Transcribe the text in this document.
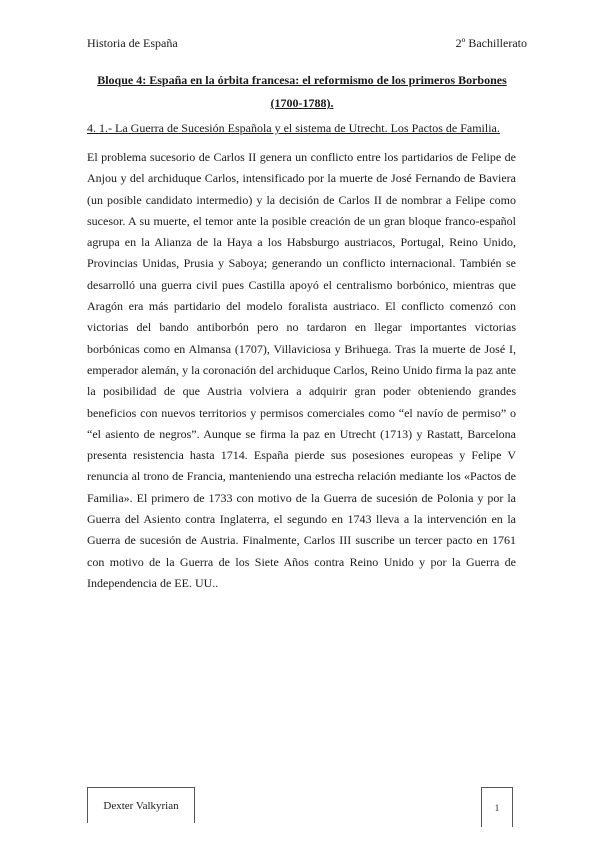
Historia de España	2º Bachillerato
Bloque 4: España en la órbita francesa: el reformismo de los primeros Borbones
(1700-1788).
4. 1.- La Guerra de Sucesión Española y el sistema de Utrecht. Los Pactos de Familia.

El problema sucesorio de Carlos II genera un conflicto entre los partidarios de Felipe de Anjou y del archiduque Carlos, intensificado por la muerte de José Fernando de Baviera (un posible candidato intermedio) y la decisión de Carlos II de nombrar a Felipe como sucesor. A su muerte, el temor ante la posible creación de un gran bloque franco-español agrupa en la Alianza de la Haya a los Habsburgo austriacos, Portugal, Reino Unido, Provincias Unidas, Prusia y Saboya; generando un conflicto internacional. También se desarrolló una guerra civil pues Castilla apoyó el centralismo borbónico, mientras que Aragón era más partidario del modelo foralista austriaco. El conflicto comenzó con victorias del bando antiborbón pero no tardaron en llegar importantes victorias borbónicas como en Almansa (1707), Villaviciosa y Brihuega. Tras la muerte de José I, emperador alemán, y la coronación del archiduque Carlos, Reino Unido firma la paz ante la posibilidad de que Austria volviera a adquirir gran poder obteniendo grandes beneficios con nuevos territorios y permisos comerciales como “el navío de permiso” o “el asiento de negros”. Aunque se firma la paz en Utrecht (1713) y Rastatt, Barcelona presenta resistencia hasta 1714. España pierde sus posesiones europeas y Felipe V renuncia al trono de Francia, manteniendo una estrecha relación mediante los «Pactos de Familia». El primero de 1733 con motivo de la Guerra de sucesión de Polonia y por la Guerra del Asiento contra Inglaterra, el segundo en 1743 lleva a la intervención en la Guerra de sucesión de Austria. Finalmente, Carlos III suscribe un tercer pacto en 1761 con motivo de la Guerra de los Siete Años contra Reino Unido y por la Guerra de Independencia de EE. UU..

Dexter Valkyrian	1
